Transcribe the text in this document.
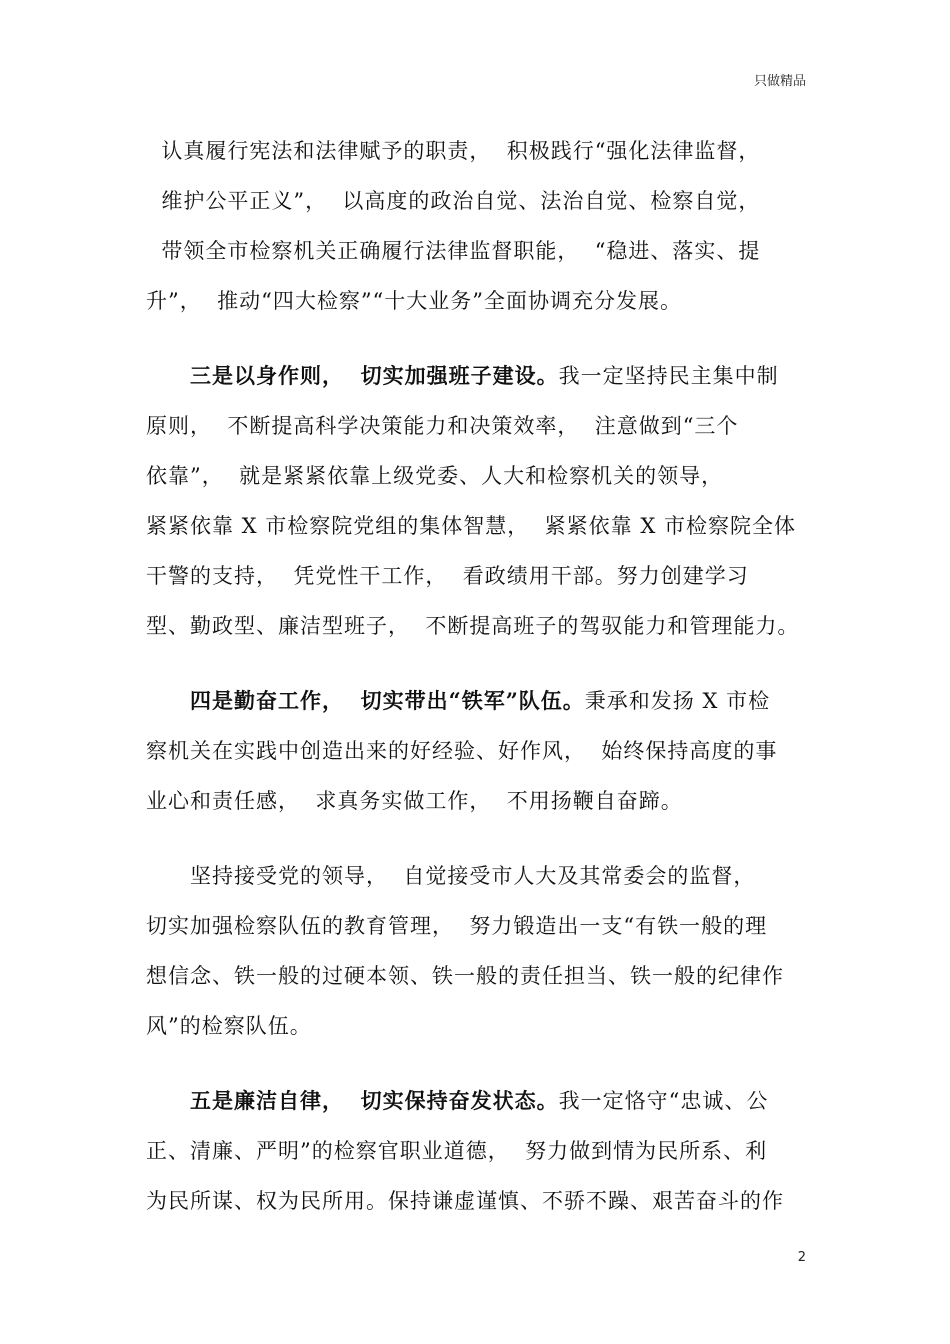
只做精品
认真履行宪法和法律赋予的职责，  积极践行“强化法律监督，
维护公平正义”，  以高度的政治自觉、法治自觉、检察自觉，
带领全市检察机关正确履行法律监督职能，  “稳进、落实、提
升”，  推动“四大检察”“十大业务”全面协调充分发展。
三是以身作则，  切实加强班子建设。我一定坚持民主集中制
原则，  不断提高科学决策能力和决策效率，  注意做到“三个
依靠”，  就是紧紧依靠上级党委、人大和检察机关的领导，
紧紧依靠 X 市检察院党组的集体智慧，  紧紧依靠 X 市检察院全体
干警的支持，  凭党性干工作，  看政绩用干部。努力创建学习
型、勤政型、廉洁型班子，  不断提高班子的驾驭能力和管理能力。
四是勤奋工作，  切实带出“铁军”队伍。秉承和发扬 X 市检
察机关在实践中创造出来的好经验、好作风，  始终保持高度的事
业心和责任感，  求真务实做工作，  不用扬鞭自奋蹄。
坚持接受党的领导，  自觉接受市人大及其常委会的监督，
切实加强检察队伍的教育管理，  努力锻造出一支“有铁一般的理
想信念、铁一般的过硬本领、铁一般的责任担当、铁一般的纪律作
风”的检察队伍。
五是廉洁自律，  切实保持奋发状态。我一定恪守“忠诚、公
正、清廉、严明”的检察官职业道德，  努力做到情为民所系、利
为民所谋、权为民所用。保持谦虚谨慎、不骄不躁、艰苦奋斗的作
2
